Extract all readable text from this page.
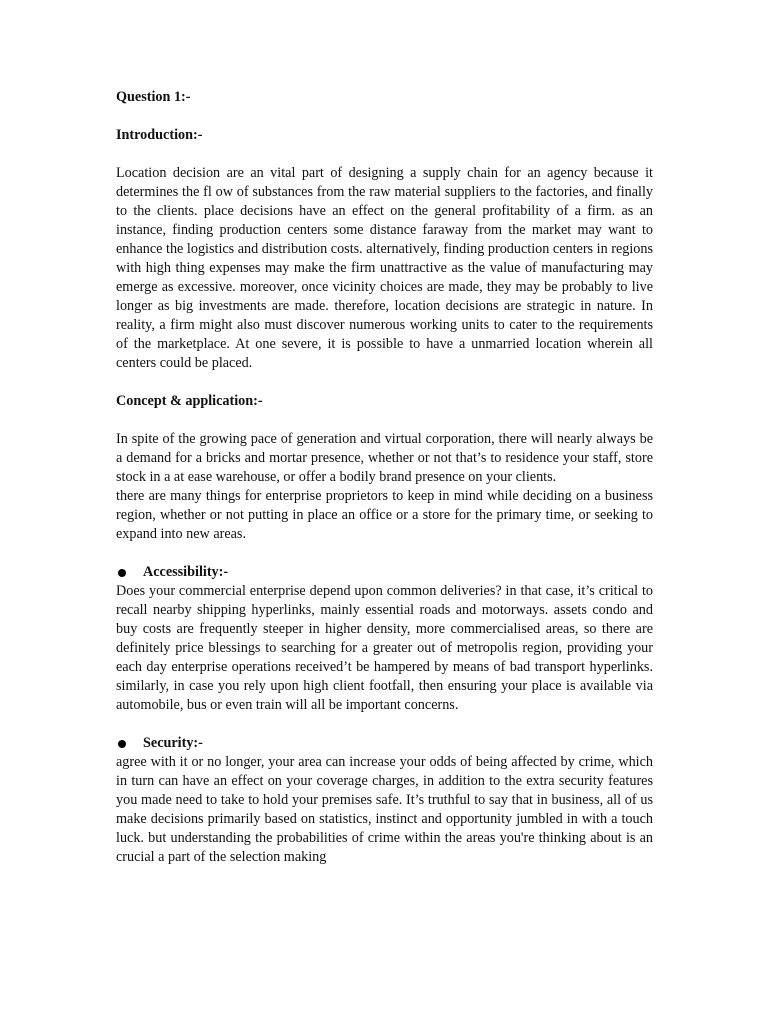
Question 1:-

Introduction:-

Location decision are an vital part of designing a supply chain for an agency because it determines the fl ow of substances from the raw material suppliers to the factories, and finally to the clients. place decisions have an effect on the general profitability of a firm. as an instance, finding production centers some distance faraway from the market may want to enhance the logistics and distribution costs. alternatively, finding production centers in regions with high thing expenses may make the firm unattractive as the value of manufacturing may emerge as excessive. moreover, once vicinity choices are made, they may be probably to live longer as big investments are made. therefore, location decisions are strategic in nature. In reality, a firm might also must discover numerous working units to cater to the requirements of the marketplace. At one severe, it is possible to have a unmarried location wherein all centers could be placed.

Concept & application:-

In spite of the growing pace of generation and virtual corporation, there will nearly always be a demand for a bricks and mortar presence, whether or not that’s to residence your staff, store stock in a at ease warehouse, or offer a bodily brand presence on your clients.

there are many things for enterprise proprietors to keep in mind while deciding on a business region, whether or not putting in place an office or a store for the primary time, or seeking to expand into new areas.

Accessibility:-

Does your commercial enterprise depend upon common deliveries? in that case, it’s critical to recall nearby shipping hyperlinks, mainly essential roads and motorways. assets condo and buy costs are frequently steeper in higher density, more commercialised areas, so there are definitely price blessings to searching for a greater out of metropolis region, providing your each day enterprise operations received’t be hampered by means of bad transport hyperlinks. similarly, in case you rely upon high client footfall, then ensuring your place is available via automobile, bus or even train will all be important concerns.

Security:-

agree with it or no longer, your area can increase your odds of being affected by crime, which in turn can have an effect on your coverage charges, in addition to the extra security features you made need to take to hold your premises safe. It’s truthful to say that in business, all of us make decisions primarily based on statistics, instinct and opportunity jumbled in with a touch luck. but understanding the probabilities of crime within the areas you're thinking about is an crucial a part of the selection making
